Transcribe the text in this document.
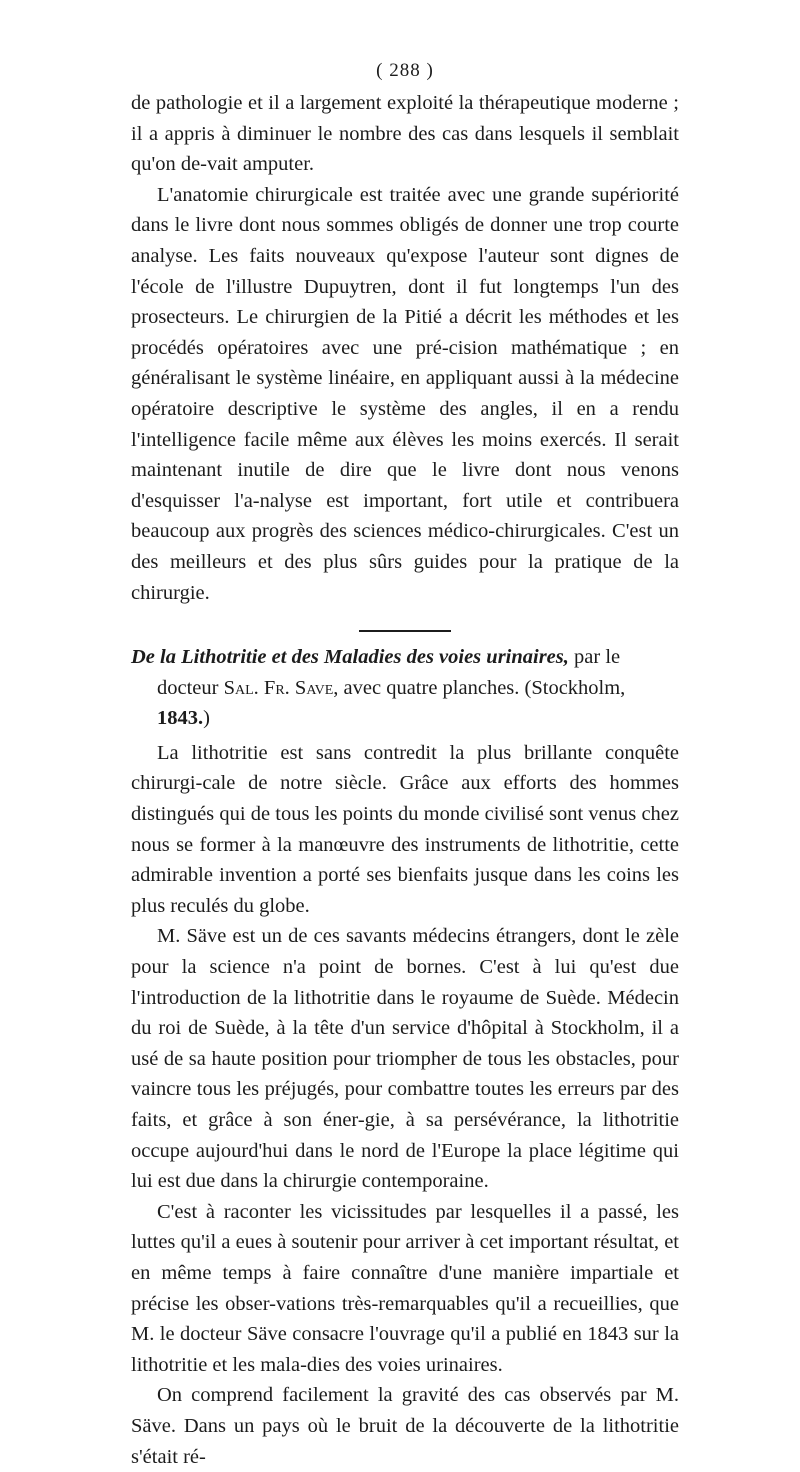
( 288 )

de pathologie et il a largement exploité la thérapeutique moderne ; il a appris à diminuer le nombre des cas dans lesquels il semblait qu'on de-vait amputer.

L'anatomie chirurgicale est traitée avec une grande supériorité dans le livre dont nous sommes obligés de donner une trop courte analyse. Les faits nouveaux qu'expose l'auteur sont dignes de l'école de l'illustre Dupuytren, dont il fut longtemps l'un des prosecteurs. Le chirurgien de la Pitié a décrit les méthodes et les procédés opératoires avec une pré-cision mathématique ; en généralisant le système linéaire, en appliquant aussi à la médecine opératoire descriptive le système des angles, il en a rendu l'intelligence facile même aux élèves les moins exercés. Il serait maintenant inutile de dire que le livre dont nous venons d'esquisser l'a-nalyse est important, fort utile et contribuera beaucoup aux progrès des sciences médico-chirurgicales. C'est un des meilleurs et des plus sûrs guides pour la pratique de la chirurgie.

De la Lithotritie et des Maladies des voies urinaires, par le
docteur Sal. Fr. Save, avec quatre planches. (Stockholm, 1843.)

La lithotritie est sans contredit la plus brillante conquête chirurgi-cale de notre siècle. Grâce aux efforts des hommes distingués qui de tous les points du monde civilisé sont venus chez nous se former à la manœuvre des instruments de lithotritie, cette admirable invention a porté ses bienfaits jusque dans les coins les plus reculés du globe.

M. Säve est un de ces savants médecins étrangers, dont le zèle pour la science n'a point de bornes. C'est à lui qu'est due l'introduction de la lithotritie dans le royaume de Suède. Médecin du roi de Suède, à la tête d'un service d'hôpital à Stockholm, il a usé de sa haute position pour triompher de tous les obstacles, pour vaincre tous les préjugés, pour combattre toutes les erreurs par des faits, et grâce à son éner-gie, à sa persévérance, la lithotritie occupe aujourd'hui dans le nord de l'Europe la place légitime qui lui est due dans la chirurgie contemporaine.

C'est à raconter les vicissitudes par lesquelles il a passé, les luttes qu'il a eues à soutenir pour arriver à cet important résultat, et en même temps à faire connaître d'une manière impartiale et précise les obser-vations très-remarquables qu'il a recueillies, que M. le docteur Säve consacre l'ouvrage qu'il a publié en 1843 sur la lithotritie et les mala-dies des voies urinaires.

On comprend facilement la gravité des cas observés par M. Säve. Dans un pays où le bruit de la découverte de la lithotritie s'était ré-
